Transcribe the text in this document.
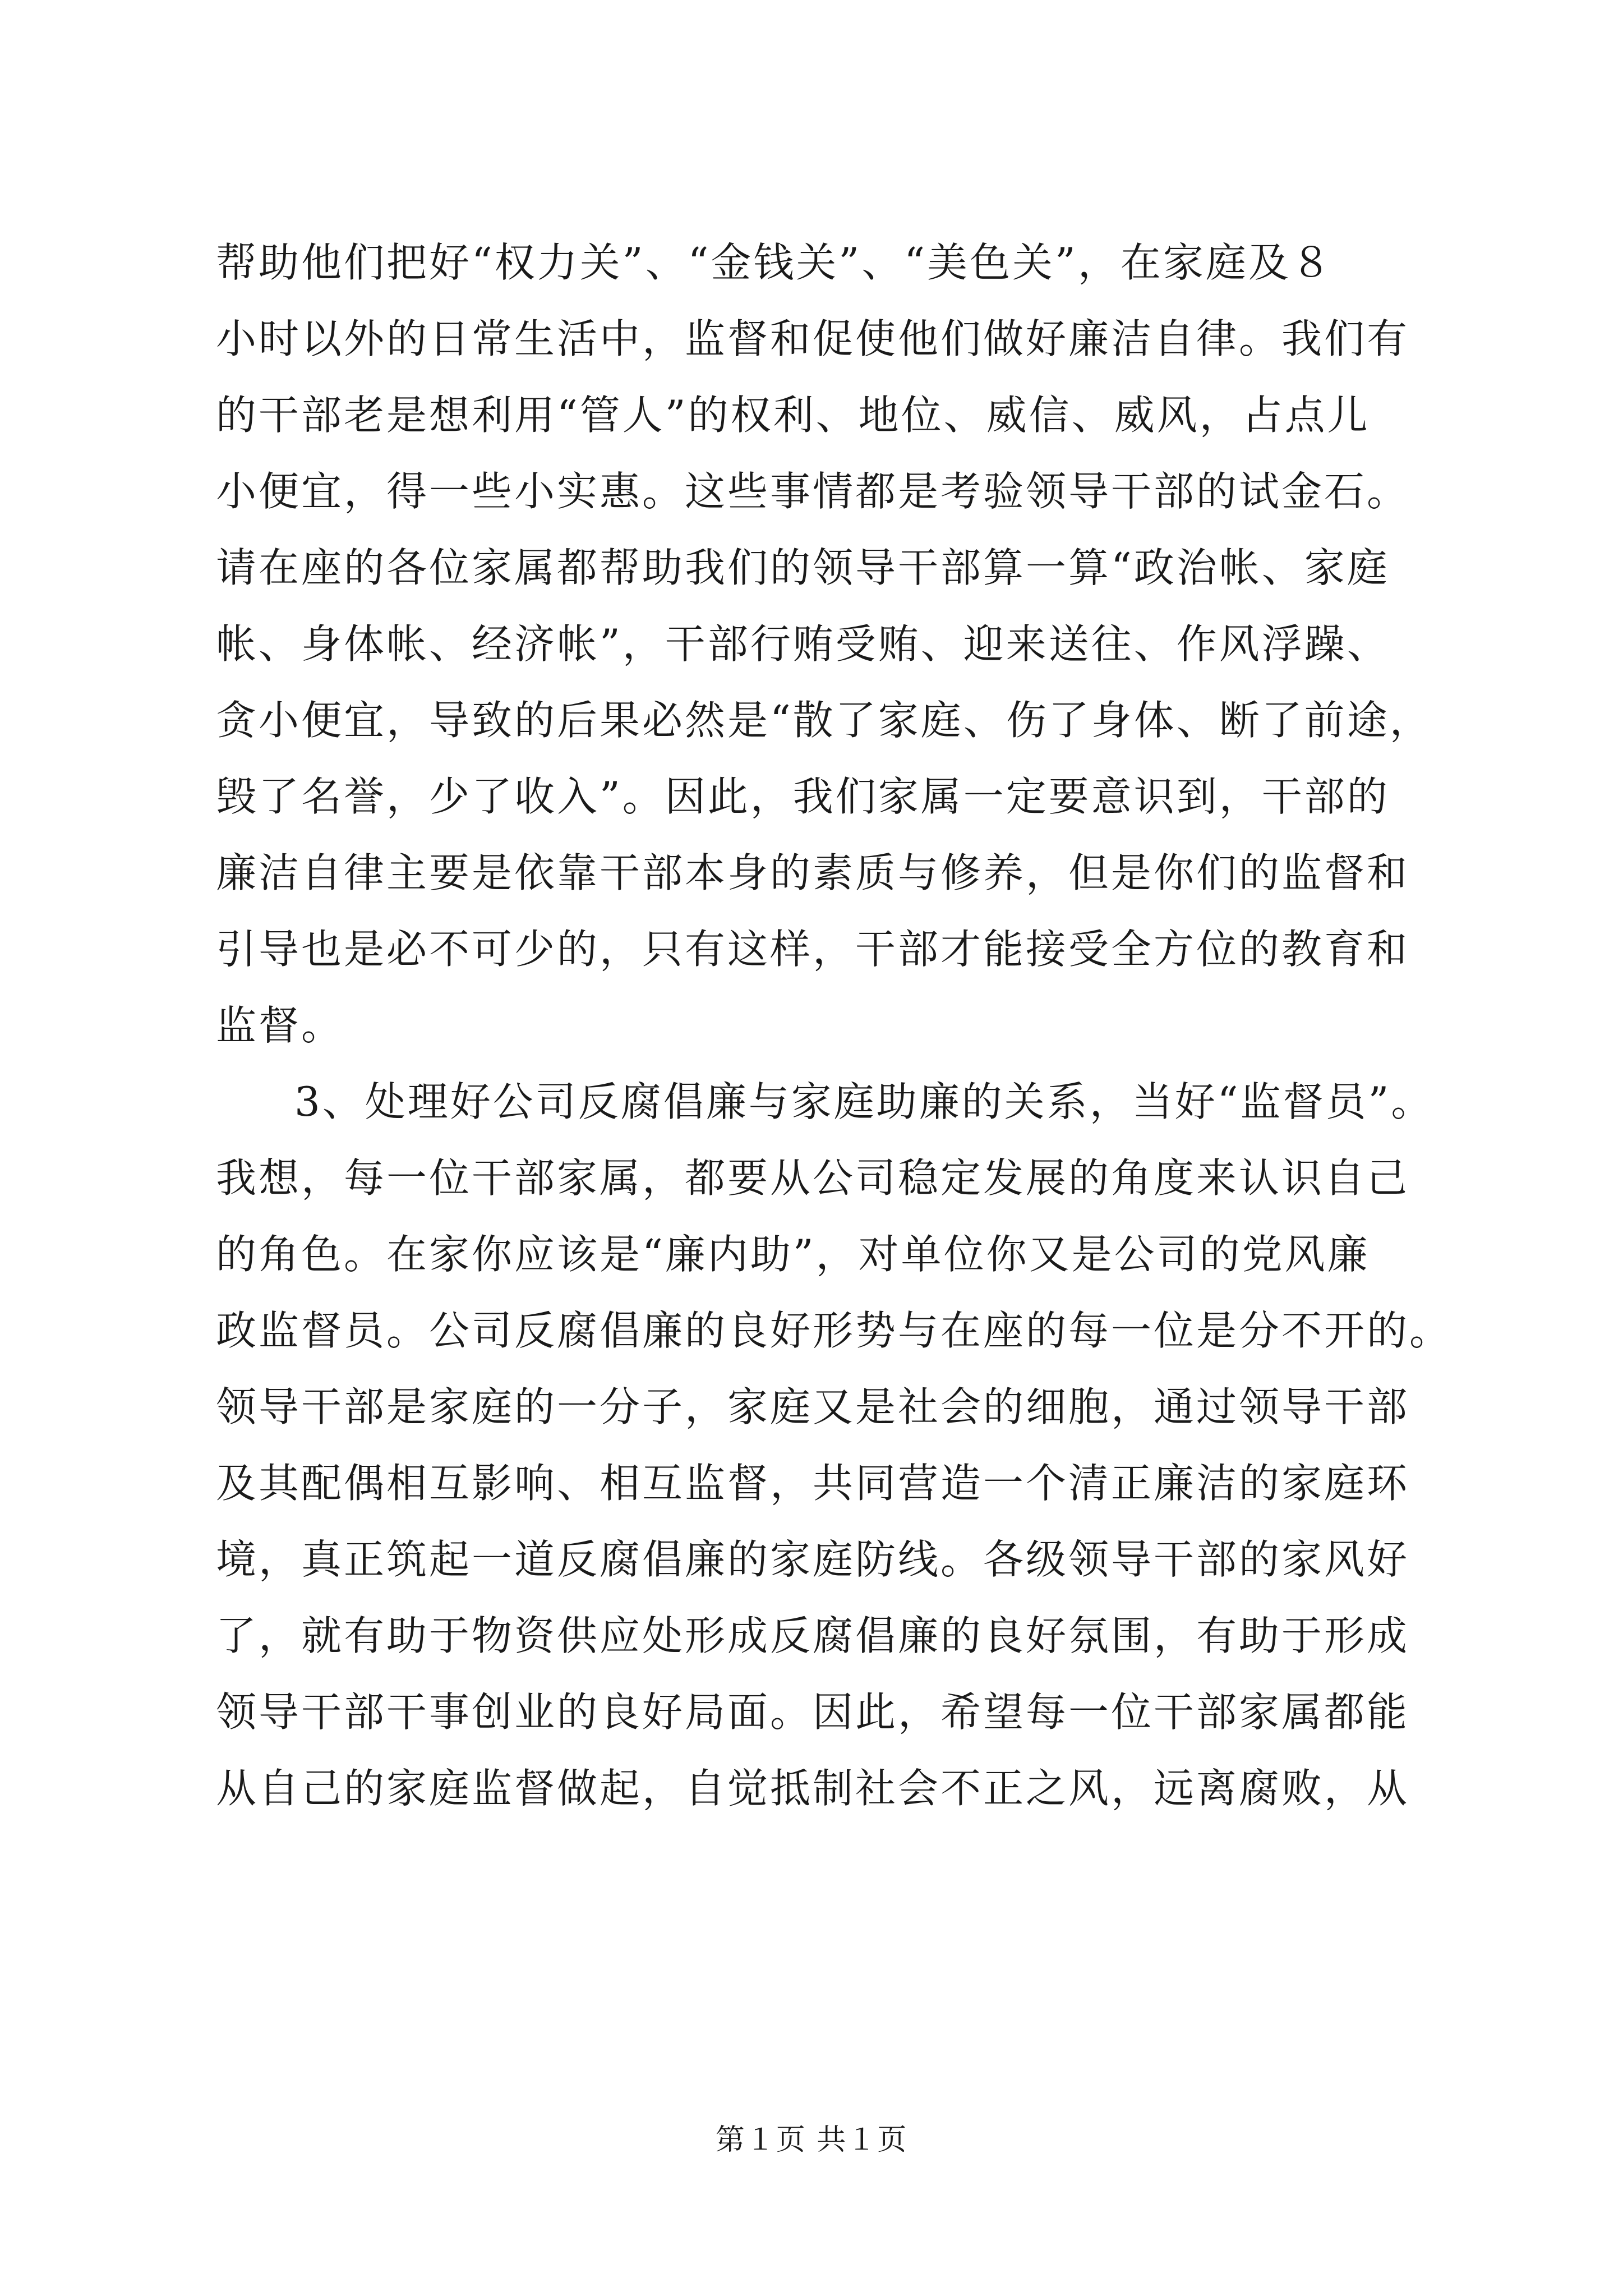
帮助他们把好“权力关”、“金钱关”、“美色关”，在家庭及８
小时以外的日常生活中，监督和促使他们做好廉洁自律。我们有
的干部老是想利用“管人”的权利、地位、威信、威风，占点儿
小便宜，得一些小实惠。这些事情都是考验领导干部的试金石。
请在座的各位家属都帮助我们的领导干部算一算“政治帐、家庭
帐、身体帐、经济帐”，干部行贿受贿、迎来送往、作风浮躁、
贪小便宜，导致的后果必然是“散了家庭、伤了身体、断了前途，
毁了名誉，少了收入”。因此，我们家属一定要意识到，干部的
廉洁自律主要是依靠干部本身的素质与修养，但是你们的监督和
引导也是必不可少的，只有这样，干部才能接受全方位的教育和
监督。
3、处理好公司反腐倡廉与家庭助廉的关系，当好“监督员”。
我想，每一位干部家属，都要从公司稳定发展的角度来认识自己
的角色。在家你应该是“廉内助”，对单位你又是公司的党风廉
政监督员。公司反腐倡廉的良好形势与在座的每一位是分不开的。
领导干部是家庭的一分子，家庭又是社会的细胞，通过领导干部
及其配偶相互影响、相互监督，共同营造一个清正廉洁的家庭环
境，真正筑起一道反腐倡廉的家庭防线。各级领导干部的家风好
了，就有助于物资供应处形成反腐倡廉的良好氛围，有助于形成
领导干部干事创业的良好局面。因此，希望每一位干部家属都能
从自己的家庭监督做起，自觉抵制社会不正之风，远离腐败，从
第１页 共１页
